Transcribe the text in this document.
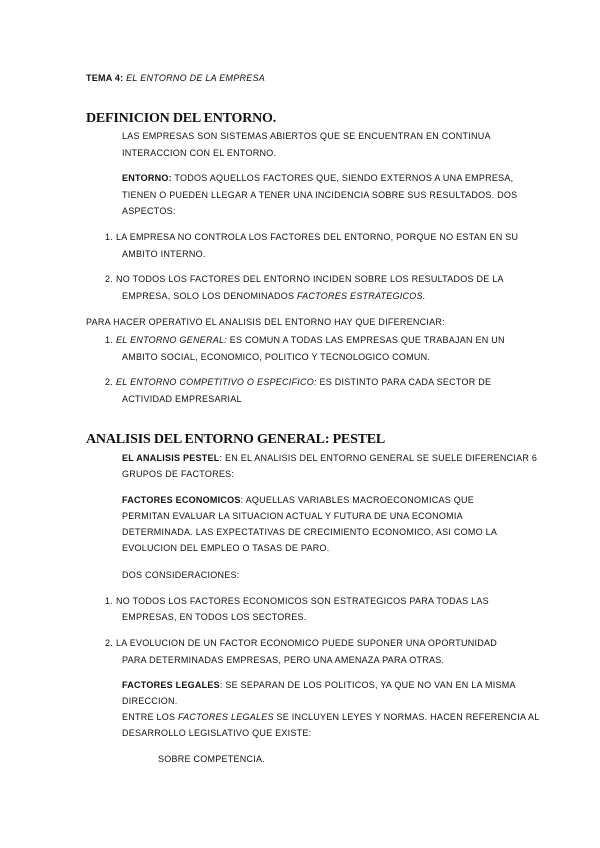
TEMA 4: EL ENTORNO DE LA EMPRESA
DEFINICION DEL ENTORNO.
LAS EMPRESAS SON SISTEMAS ABIERTOS QUE SE ENCUENTRAN EN CONTINUA
INTERACCION CON EL ENTORNO.
ENTORNO: TODOS AQUELLOS FACTORES QUE, SIENDO EXTERNOS A UNA EMPRESA,
TIENEN O PUEDEN LLEGAR A TENER UNA INCIDENCIA SOBRE SUS RESULTADOS. DOS
ASPECTOS:
1. LA EMPRESA NO CONTROLA LOS FACTORES DEL ENTORNO, PORQUE NO ESTAN EN SU
AMBITO INTERNO.
2. NO TODOS LOS FACTORES DEL ENTORNO INCIDEN SOBRE LOS RESULTADOS DE LA
EMPRESA, SOLO LOS DENOMINADOS FACTORES ESTRATEGICOS.
PARA HACER OPERATIVO EL ANALISIS DEL ENTORNO HAY QUE DIFERENCIAR:
1. EL ENTORNO GENERAL: ES COMUN A TODAS LAS EMPRESAS QUE TRABAJAN EN UN
AMBITO SOCIAL, ECONOMICO, POLITICO Y TECNOLOGICO COMUN.
2. EL ENTORNO COMPETITIVO O ESPECIFICO: ES DISTINTO PARA CADA SECTOR DE
ACTIVIDAD EMPRESARIAL
ANALISIS DEL ENTORNO GENERAL: PESTEL
EL ANALISIS PESTEL: EN EL ANALISIS DEL ENTORNO GENERAL SE SUELE DIFERENCIAR 6
GRUPOS DE FACTORES:
FACTORES ECONOMICOS: AQUELLAS VARIABLES MACROECONOMICAS QUE
PERMITAN EVALUAR LA SITUACION ACTUAL Y FUTURA DE UNA ECONOMIA
DETERMINADA. LAS EXPECTATIVAS DE CRECIMIENTO ECONOMICO, ASI COMO LA
EVOLUCION DEL EMPLEO O TASAS DE PARO.
DOS CONSIDERACIONES:
1. NO TODOS LOS FACTORES ECONOMICOS SON ESTRATEGICOS PARA TODAS LAS
EMPRESAS, EN TODOS LOS SECTORES.
2. LA EVOLUCION DE UN FACTOR ECONOMICO PUEDE SUPONER UNA OPORTUNIDAD
PARA DETERMINADAS EMPRESAS, PERO UNA AMENAZA PARA OTRAS.
FACTORES LEGALES: SE SEPARAN DE LOS POLITICOS, YA QUE NO VAN EN LA MISMA
DIRECCION.
ENTRE LOS FACTORES LEGALES SE INCLUYEN LEYES Y NORMAS. HACEN REFERENCIA AL
DESARROLLO LEGISLATIVO QUE EXISTE:
SOBRE COMPETENCIA.
